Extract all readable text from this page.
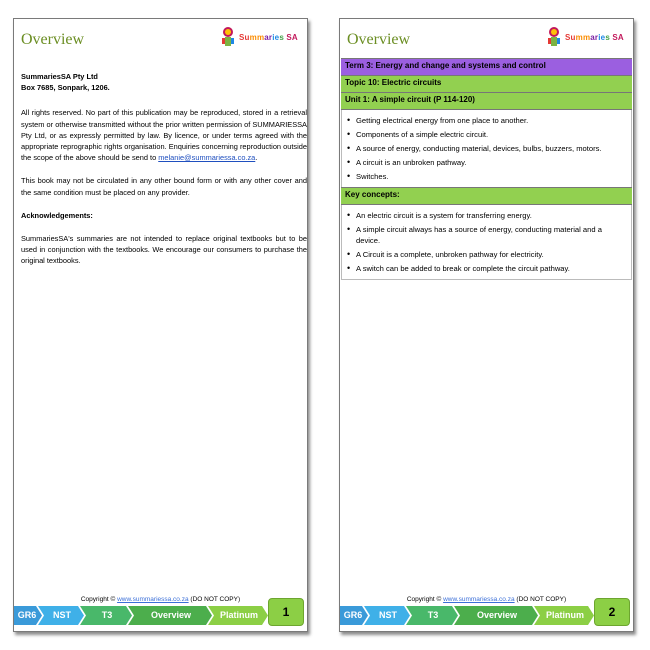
Overview	Summaries SA

SummariesSA Pty Ltd
Box 7685, Sonpark, 1206.

All rights reserved. No part of this publication may be reproduced, stored in a retrieval system or otherwise transmitted without the prior written permission of SUMMARIESSA Pty Ltd, or as expressly permitted by law. By licence, or under terms agreed with the appropriate reprographic rights organisation. Enquiries concerning reproduction outside the scope of the above should be send to melanie@summariessa.co.za.

This book may not be circulated in any other bound form or with any other cover and the same condition must be placed on any provider.

Acknowledgements:

SummariesSA's summaries are not intended to replace original textbooks but to be used in conjunction with the textbooks. We encourage our consumers to purchase the original textbooks.

Copyright © www.summariessa.co.za (DO NOT COPY)
GR6	NST	T3	Overview	Platinum	1
Overview	Summaries SA
Term 3: Energy and change and systems and control
Topic 10: Electric circuits
Unit 1: A simple circuit (P 114-120)
• Getting electrical energy from one place to another.
• Components of a simple electric circuit.
• A source of energy, conducting material, devices, bulbs, buzzers, motors.
• A circuit is an unbroken pathway.
• Switches.
Key concepts:
• An electric circuit is a system for transferring energy.
• A simple circuit always has a source of energy, conducting material and a device.
• A Circuit is a complete, unbroken pathway for electricity.
• A switch can be added to break or complete the circuit pathway.
Copyright © www.summariessa.co.za (DO NOT COPY)
GR6	NST	T3	Overview	Platinum	2
